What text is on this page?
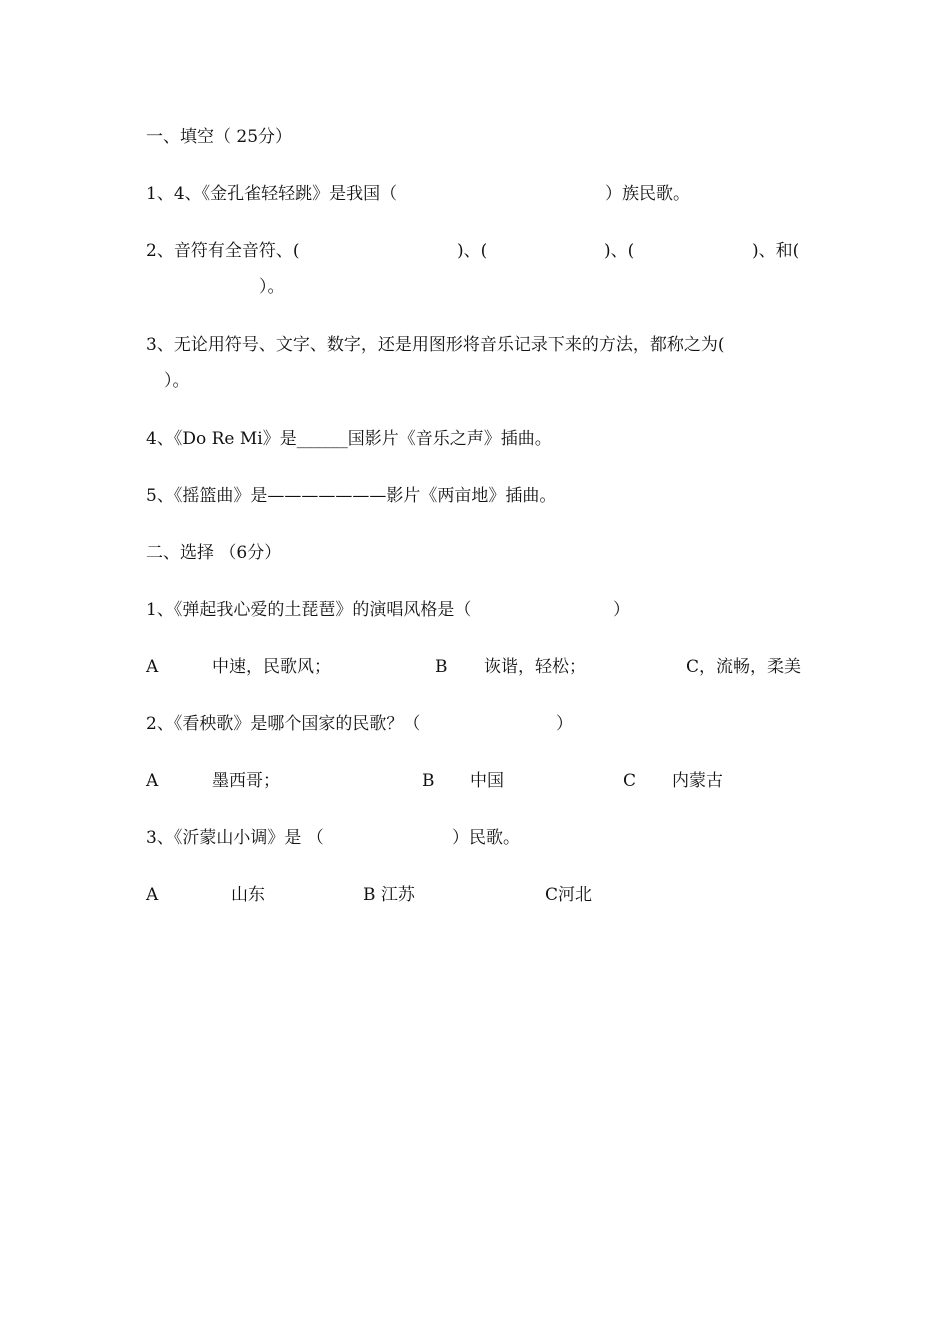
一、填空（ 25分）

1、4、《金孔雀轻轻跳》是我国（

	）族民歌。

2、音符有全音符、(

	)、(

	)、(

	)、和(

）。

3、无论用符号、文字、数字，还是用图形将音乐记录下来的方法，都称之为(

）。

4、《Do Re Mi》是______国影片《音乐之声》插曲。

5、《摇篮曲》是———————影片《两亩地》插曲。

二、选择 （6分）

1、《弹起我心爱的土琵琶》的演唱风格是（

	）

A

	中速，民歌风；

	B

诙谐，轻松；

	C，流畅，柔美

2、《看秧歌》是哪个国家的民歌？（

	）

A

	墨西哥；

	B

中国

	C

内蒙古

3、《沂蒙山小调》是 （

	）民歌。

A

	山东

	B 江苏

	C河北
